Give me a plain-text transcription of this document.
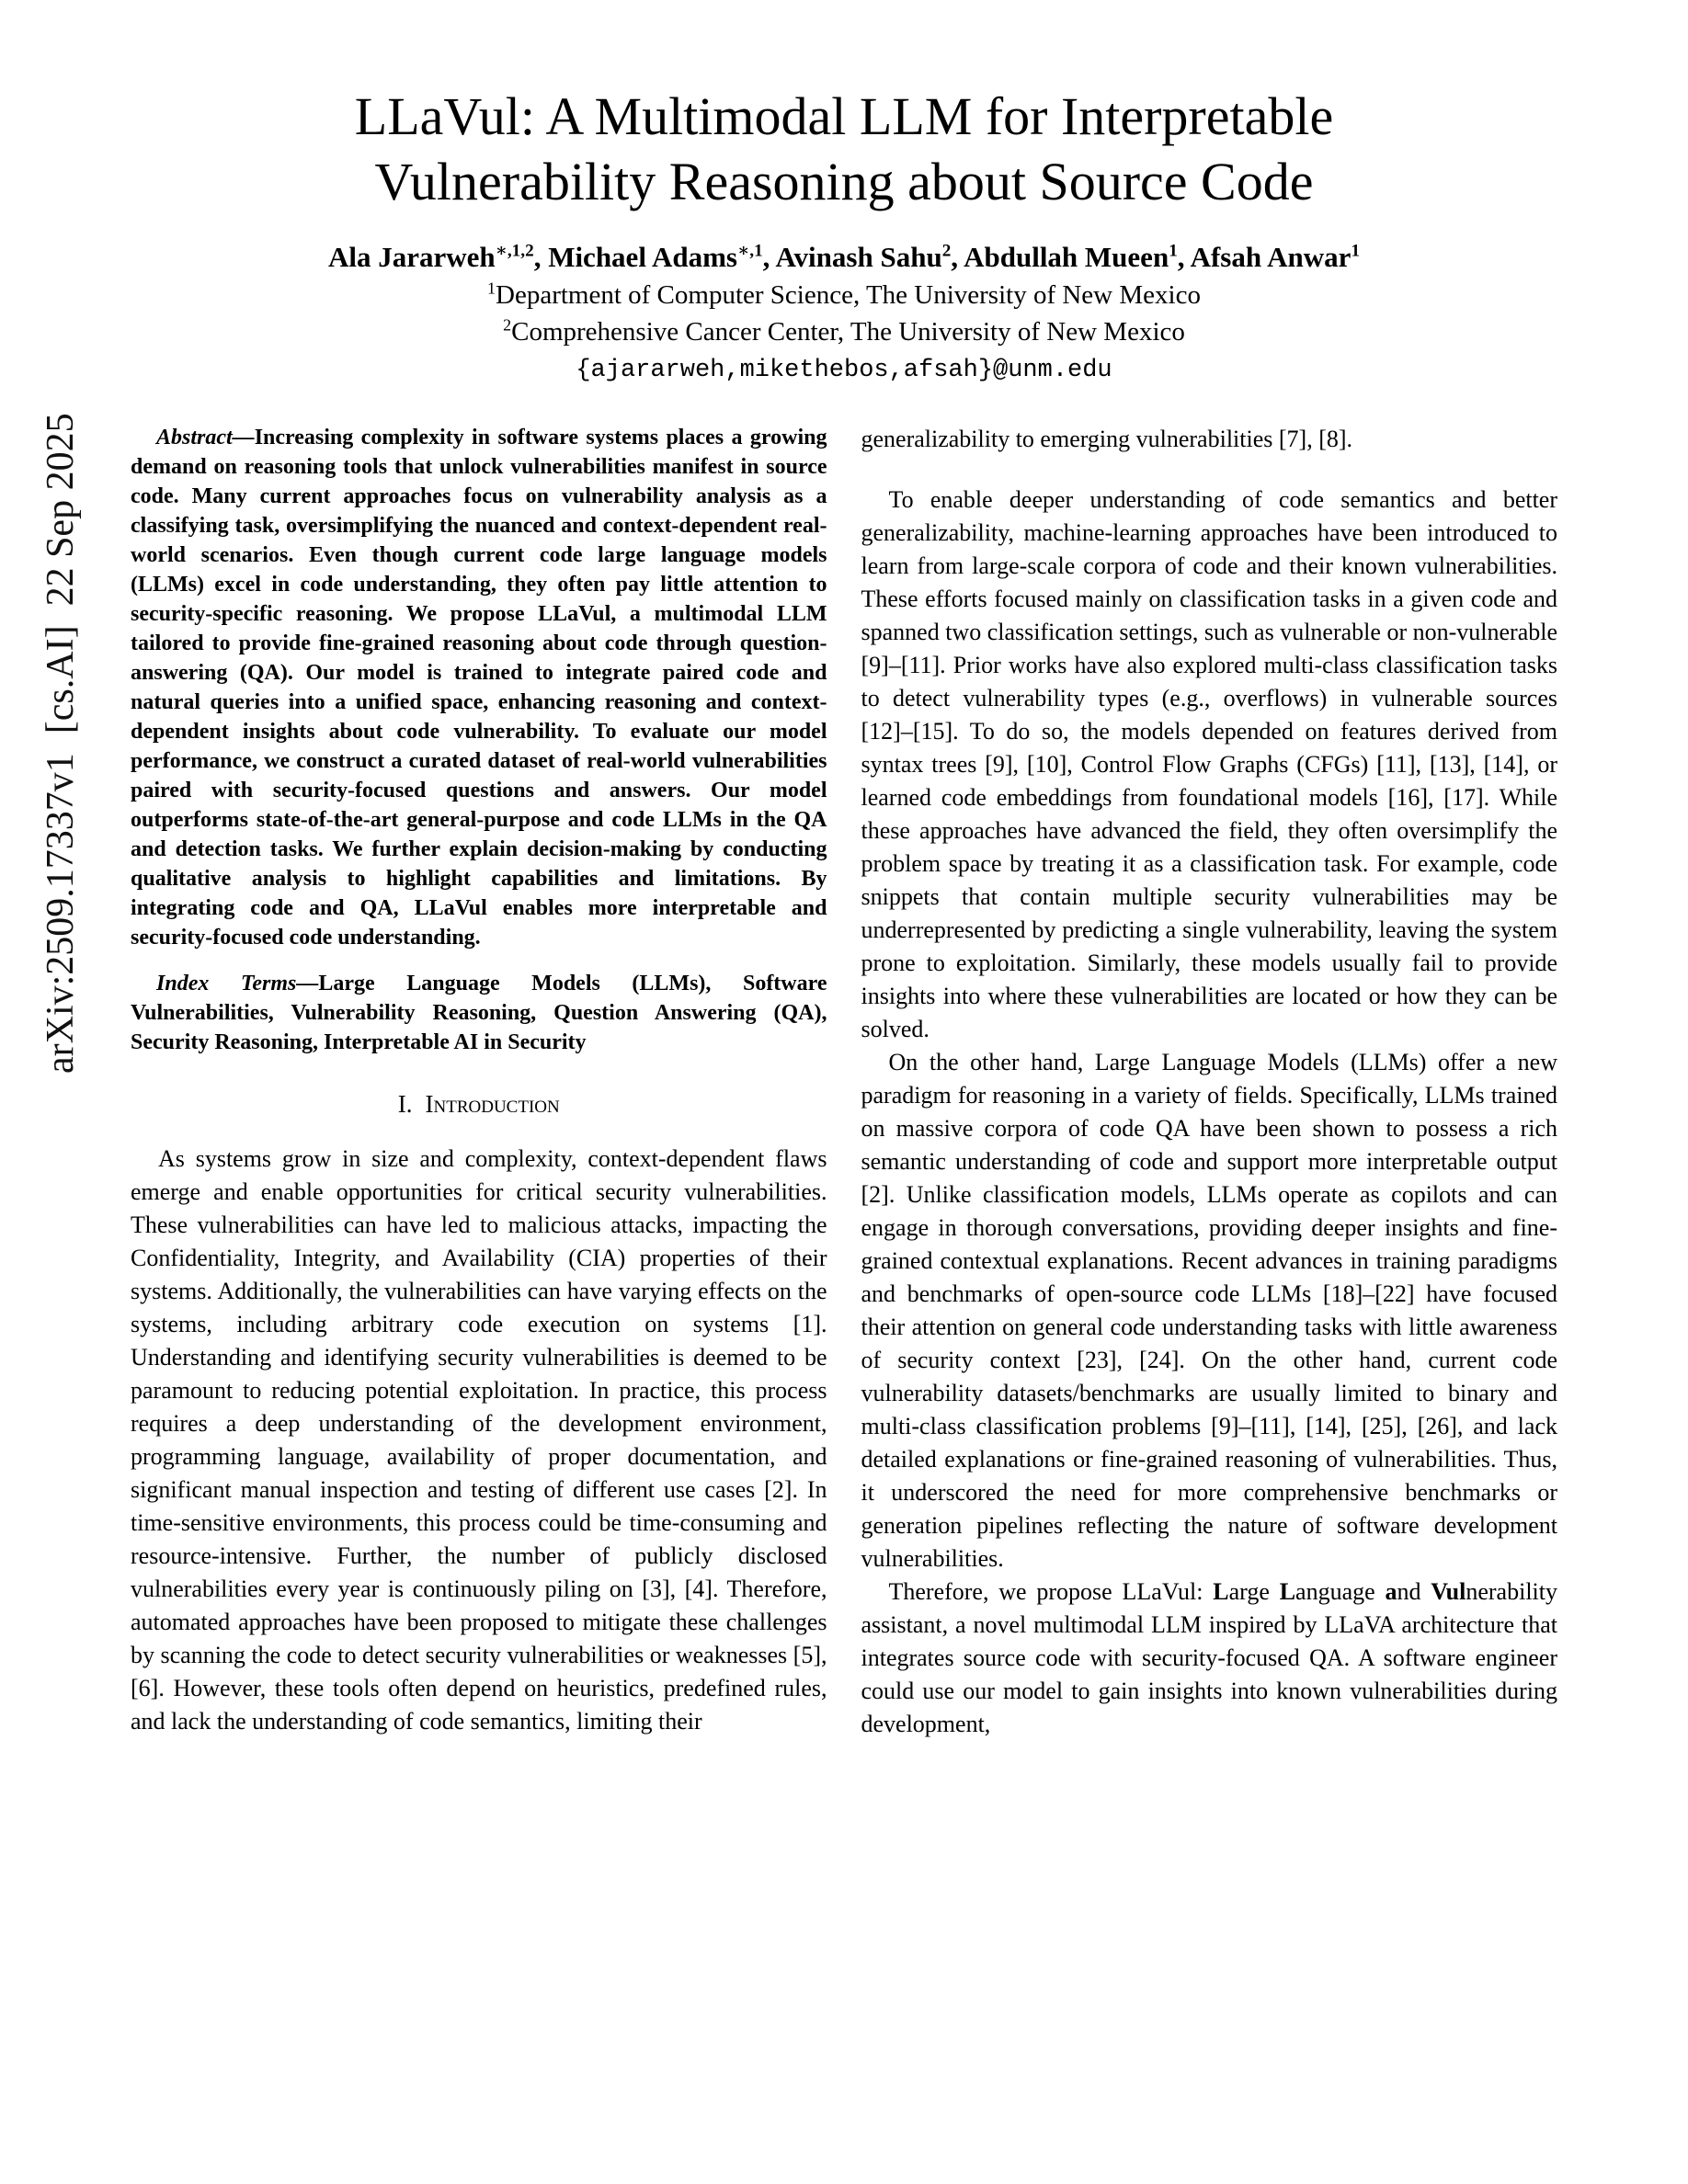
arXiv:2509.17337v1  [cs.AI]  22 Sep 2025
LLaVul: A Multimodal LLM for Interpretable
Vulnerability Reasoning about Source Code
Ala Jararweh$^{∗,1,2}$, Michael Adams$^{∗,1}$, Avinash Sahu$^2$, Abdullah Mueen$^1$, Afsah Anwar$^1$
$^1$Department of Computer Science, The University of New Mexico
$^2$Comprehensive Cancer Center, The University of New Mexico
{ajararweh,mikethebos,afsah}@unm.edu

Abstract—Increasing complexity in software systems places a growing demand on reasoning tools that unlock vulnerabilities manifest in source code. Many current approaches focus on vulnerability analysis as a classifying task, oversimplifying the nuanced and context-dependent real-world scenarios. Even though current code large language models (LLMs) excel in code understanding, they often pay little attention to security-specific reasoning. We propose LLaVul, a multimodal LLM tailored to provide fine-grained reasoning about code through question-answering (QA). Our model is trained to integrate paired code and natural queries into a unified space, enhancing reasoning and context-dependent insights about code vulnerability. To evaluate our model performance, we construct a curated dataset of real-world vulnerabilities paired with security-focused questions and answers. Our model outperforms state-of-the-art general-purpose and code LLMs in the QA and detection tasks. We further explain decision-making by conducting qualitative analysis to highlight capabilities and limitations. By integrating code and QA, LLaVul enables more interpretable and security-focused code understanding.

Index Terms—Large Language Models (LLMs), Software Vulnerabilities, Vulnerability Reasoning, Question Answering (QA), Security Reasoning, Interpretable AI in Security

I. Introduction

As systems grow in size and complexity, context-dependent flaws emerge and enable opportunities for critical security vulnerabilities. These vulnerabilities can have led to malicious attacks, impacting the Confidentiality, Integrity, and Availability (CIA) properties of their systems. Additionally, the vulnerabilities can have varying effects on the systems, including arbitrary code execution on systems [1]. Understanding and identifying security vulnerabilities is deemed to be paramount to reducing potential exploitation. In practice, this process requires a deep understanding of the development environment, programming language, availability of proper documentation, and significant manual inspection and testing of different use cases [2]. In time-sensitive environments, this process could be time-consuming and resource-intensive. Further, the number of publicly disclosed vulnerabilities every year is continuously piling on [3], [4]. Therefore, automated approaches have been proposed to mitigate these challenges by scanning the code to detect security vulnerabilities or weaknesses [5], [6]. However, these tools often depend on heuristics, predefined rules, and lack the understanding of code semantics, limiting their

generalizability to emerging vulnerabilities [7], [8].

To enable deeper understanding of code semantics and better generalizability, machine-learning approaches have been introduced to learn from large-scale corpora of code and their known vulnerabilities. These efforts focused mainly on classification tasks in a given code and spanned two classification settings, such as vulnerable or non-vulnerable [9]–[11]. Prior works have also explored multi-class classification tasks to detect vulnerability types (e.g., overflows) in vulnerable sources [12]–[15]. To do so, the models depended on features derived from syntax trees [9], [10], Control Flow Graphs (CFGs) [11], [13], [14], or learned code embeddings from foundational models [16], [17]. While these approaches have advanced the field, they often oversimplify the problem space by treating it as a classification task. For example, code snippets that contain multiple security vulnerabilities may be underrepresented by predicting a single vulnerability, leaving the system prone to exploitation. Similarly, these models usually fail to provide insights into where these vulnerabilities are located or how they can be solved.

On the other hand, Large Language Models (LLMs) offer a new paradigm for reasoning in a variety of fields. Specifically, LLMs trained on massive corpora of code QA have been shown to possess a rich semantic understanding of code and support more interpretable output [2]. Unlike classification models, LLMs operate as copilots and can engage in thorough conversations, providing deeper insights and fine-grained contextual explanations. Recent advances in training paradigms and benchmarks of open-source code LLMs [18]–[22] have focused their attention on general code understanding tasks with little awareness of security context [23], [24]. On the other hand, current code vulnerability datasets/benchmarks are usually limited to binary and multi-class classification problems [9]–[11], [14], [25], [26], and lack detailed explanations or fine-grained reasoning of vulnerabilities. Thus, it underscored the need for more comprehensive benchmarks or generation pipelines reflecting the nature of software development vulnerabilities.

Therefore, we propose LLaVul: Large Language and Vulnerability assistant, a novel multimodal LLM inspired by LLaVA architecture that integrates source code with security-focused QA. A software engineer could use our model to gain insights into known vulnerabilities during development,
